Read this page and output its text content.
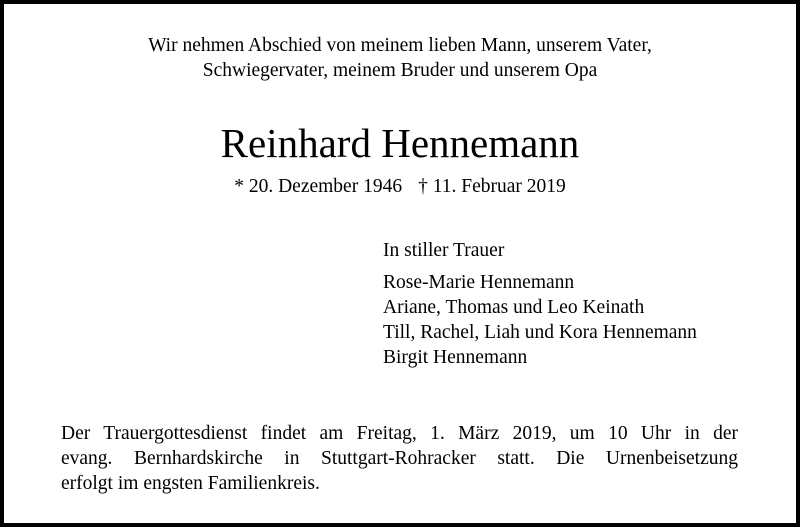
Wir nehmen Abschied von meinem lieben Mann, unserem Vater,
Schwiegervater, meinem Bruder und unserem Opa
Reinhard Hennemann
* 20. Dezember 1946 † 11. Februar 2019
In stiller Trauer
Rose-Marie Hennemann
Ariane, Thomas und Leo Keinath
Till, Rachel, Liah und Kora Hennemann
Birgit Hennemann
Der Trauergottesdienst findet am Freitag, 1. März 2019, um 10 Uhr in der
evang. Bernhardskirche in Stuttgart-Rohracker statt. Die Urnenbeisetzung
erfolgt im engsten Familienkreis.
